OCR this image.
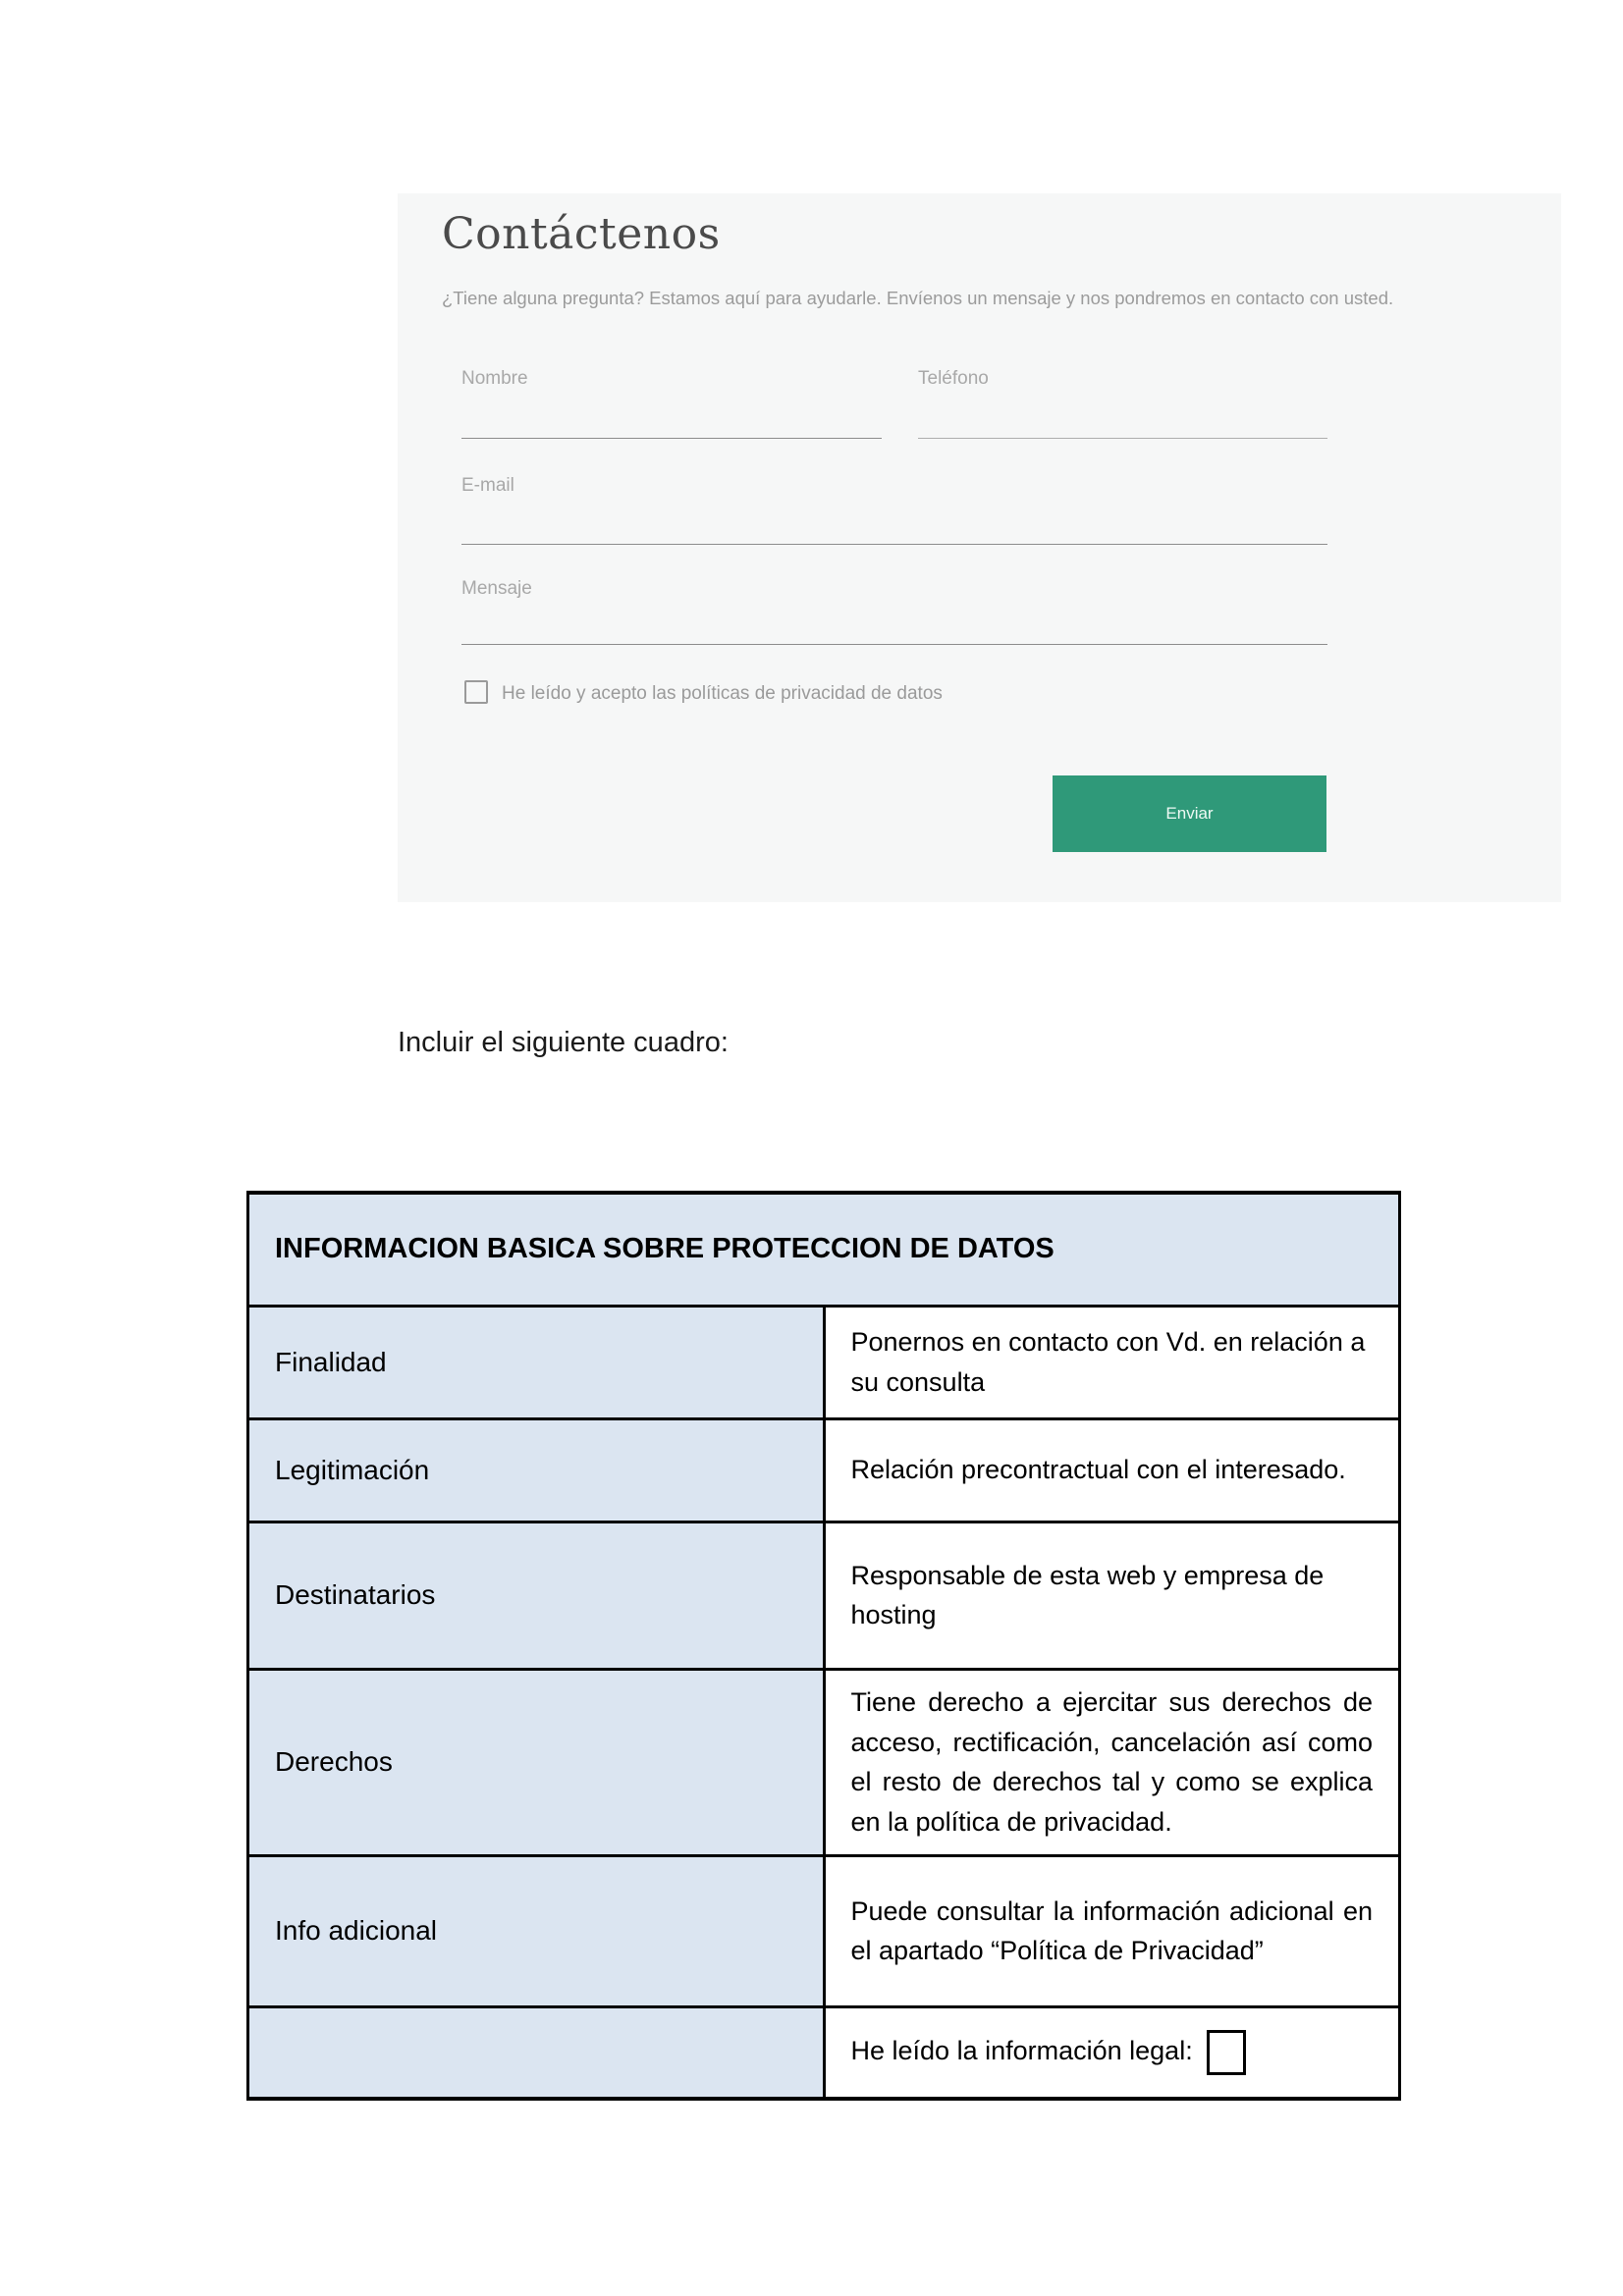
Contáctenos

¿Tiene alguna pregunta? Estamos aquí para ayudarle. Envíenos un mensaje y nos pondremos en contacto con usted.

Nombre	Teléfono
E-mail
Mensaje
He leído y acepto las políticas de privacidad de datos
Enviar

Incluir el siguiente cuadro:

INFORMACION BASICA SOBRE PROTECCION DE DATOS	
Finalidad	Ponernos en contacto con Vd. en relación a su consulta
Legitimación	Relación precontractual con el interesado.
Destinatarios	Responsable de esta web y empresa de hosting
Derechos	Tiene derecho a ejercitar sus derechos de acceso, rectificación, cancelación así como el resto de derechos tal y como se explica en la política de privacidad.
Info adicional	Puede consultar la información adicional en el apartado “Política de Privacidad”
	He leído la información legal:
